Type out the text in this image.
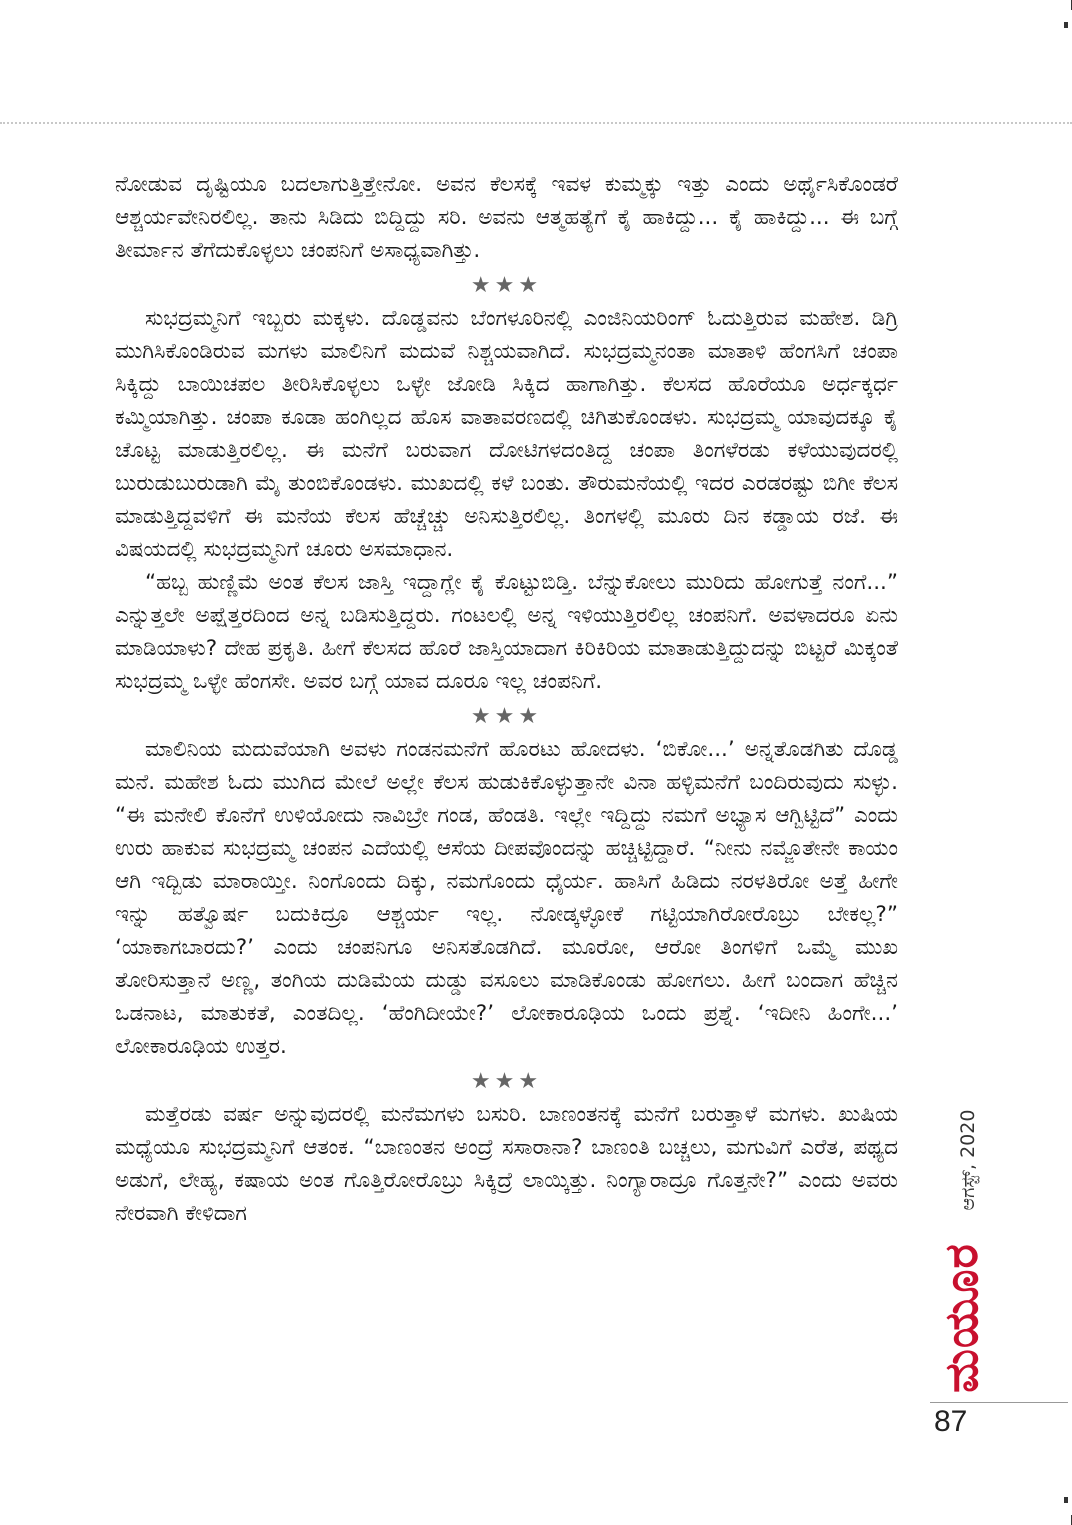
ನೋಡುವ ದೃಷ್ಟಿಯೂ ಬದಲಾಗುತ್ತಿತ್ತೇನೋ. ಅವನ ಕೆಲಸಕ್ಕೆ ಇವಳ ಕುಮ್ಮಕ್ಕು ಇತ್ತು ಎಂದು ಅರ್ಥೈಸಿಕೊಂಡರೆ ಆಶ್ಚರ್ಯವೇನಿರಲಿಲ್ಲ. ತಾನು ಸಿಡಿದು ಬಿದ್ದಿದ್ದು ಸರಿ. ಅವನು ಆತ್ಮಹತ್ಯೆಗೆ ಕೈ ಹಾಕಿದ್ದು... ಕೈ ಹಾಕಿದ್ದು... ಈ ಬಗ್ಗೆ ತೀರ್ಮಾನ ತೆಗೆದುಕೊಳ್ಳಲು ಚಂಪನಿಗೆ ಅಸಾಧ್ಯವಾಗಿತ್ತು.

★★★

ಸುಭದ್ರಮ್ಮನಿಗೆ ಇಬ್ಬರು ಮಕ್ಕಳು. ದೊಡ್ಡವನು ಬೆಂಗಳೂರಿನಲ್ಲಿ ಎಂಜಿನಿಯರಿಂಗ್ ಓದುತ್ತಿರುವ ಮಹೇಶ. ಡಿಗ್ರಿ ಮುಗಿಸಿಕೊಂಡಿರುವ ಮಗಳು ಮಾಲಿನಿಗೆ ಮದುವೆ ನಿಶ್ಚಯವಾಗಿದೆ. ಸುಭದ್ರಮ್ಮನಂತಾ ಮಾತಾಳಿ ಹೆಂಗಸಿಗೆ ಚಂಪಾ ಸಿಕ್ಕಿದ್ದು ಬಾಯಿಚಪಲ ತೀರಿಸಿಕೊಳ್ಳಲು ಒಳ್ಳೇ ಜೋಡಿ ಸಿಕ್ಕಿದ ಹಾಗಾಗಿತ್ತು. ಕೆಲಸದ ಹೊರೆಯೂ ಅರ್ಧಕ್ಕರ್ಧ ಕಮ್ಮಿಯಾಗಿತ್ತು. ಚಂಪಾ ಕೂಡಾ ಹಂಗಿಲ್ಲದ ಹೊಸ ವಾತಾವರಣದಲ್ಲಿ ಚಿಗಿತುಕೊಂಡಳು. ಸುಭದ್ರಮ್ಮ ಯಾವುದಕ್ಕೂ ಕೈ ಚೊಟ್ಟ ಮಾಡುತ್ತಿರಲಿಲ್ಲ. ಈ ಮನೆಗೆ ಬರುವಾಗ ದೋಟಿಗಳದಂತಿದ್ದ ಚಂಪಾ ತಿಂಗಳೆರಡು ಕಳೆಯುವುದರಲ್ಲಿ ಬುರುಡುಬುರುಡಾಗಿ ಮೈ ತುಂಬಿಕೊಂಡಳು. ಮುಖದಲ್ಲಿ ಕಳೆ ಬಂತು. ತೌರುಮನೆಯಲ್ಲಿ ಇದರ ಎರಡರಷ್ಟು ಬಿಗೀ ಕೆಲಸ ಮಾಡುತ್ತಿದ್ದವಳಿಗೆ ಈ ಮನೆಯ ಕೆಲಸ ಹೆಚ್ಚೆಚ್ಚು ಅನಿಸುತ್ತಿರಲಿಲ್ಲ. ತಿಂಗಳಲ್ಲಿ ಮೂರು ದಿನ ಕಡ್ಡಾಯ ರಜೆ. ಈ ವಿಷಯದಲ್ಲಿ ಸುಭದ್ರಮ್ಮನಿಗೆ ಚೂರು ಅಸಮಾಧಾನ.

“ಹಬ್ಬ ಹುಣ್ಣಿಮೆ ಅಂತ ಕೆಲಸ ಜಾಸ್ತಿ ಇದ್ದಾಗ್ಲೇ ಕೈ ಕೊಟ್ಟುಬಿಡ್ತಿ. ಬೆನ್ನುಕೋಲು ಮುರಿದು ಹೋಗುತ್ತೆ ನಂಗೆ...” ಎನ್ನುತ್ತಲೇ ಅಪ್ಷೆತ್ತರದಿಂದ ಅನ್ನ ಬಡಿಸುತ್ತಿದ್ದರು. ಗಂಟಲಲ್ಲಿ ಅನ್ನ ಇಳಿಯುತ್ತಿರಲಿಲ್ಲ ಚಂಪನಿಗೆ. ಅವಳಾದರೂ ಏನು ಮಾಡಿಯಾಳು? ದೇಹ ಪ್ರಕೃತಿ. ಹೀಗೆ ಕೆಲಸದ ಹೊರೆ ಜಾಸ್ತಿಯಾದಾಗ ಕಿರಿಕಿರಿಯ ಮಾತಾಡುತ್ತಿದ್ದುದನ್ನು ಬಿಟ್ಟರೆ ಮಿಕ್ಕಂತೆ ಸುಭದ್ರಮ್ಮ ಒಳ್ಳೇ ಹೆಂಗಸೇ. ಅವರ ಬಗ್ಗೆ ಯಾವ ದೂರೂ ಇಲ್ಲ ಚಂಪನಿಗೆ.

★★★

ಮಾಲಿನಿಯ ಮದುವೆಯಾಗಿ ಅವಳು ಗಂಡನಮನೆಗೆ ಹೊರಟು ಹೋದಳು. ‘ಬಿಕೋ...’ ಅನ್ನತೊಡಗಿತು ದೊಡ್ಡ ಮನೆ. ಮಹೇಶ ಓದು ಮುಗಿದ ಮೇಲೆ ಅಲ್ಲೇ ಕೆಲಸ ಹುಡುಕಿಕೊಳ್ಳುತ್ತಾನೇ ವಿನಾ ಹಳ್ಳಿಮನೆಗೆ ಬಂದಿರುವುದು ಸುಳ್ಳು. “ಈ ಮನೇಲಿ ಕೊನೆಗೆ ಉಳಿಯೋದು ನಾವಿಬ್ರೇ ಗಂಡ, ಹೆಂಡತಿ. ಇಲ್ಲೇ ಇದ್ದಿದ್ದು ನಮಗೆ ಅಭ್ಯಾಸ ಆಗ್ಬಿಟ್ಟಿದೆ” ಎಂದು ಉರು ಹಾಕುವ ಸುಭದ್ರಮ್ಮ ಚಂಪನ ಎದೆಯಲ್ಲಿ ಆಸೆಯ ದೀಪವೊಂದನ್ನು ಹಚ್ಚಿಟ್ಟಿದ್ದಾರೆ. “ನೀನು ನಮ್ಜೊತೇನೇ ಕಾಯಂ ಆಗಿ ಇದ್ಬಿಡು ಮಾರಾಯ್ತೀ. ನಿಂಗೊಂದು ದಿಕ್ಕು, ನಮಗೊಂದು ಧೈರ್ಯ. ಹಾಸಿಗೆ ಹಿಡಿದು ನರಳತಿರೋ ಅತ್ತೆ ಹೀಗೇ ಇನ್ನು ಹತ್ವೊರ್ಷ ಬದುಕಿದ್ರೂ ಆಶ್ಚರ್ಯ ಇಲ್ಲ. ನೋಡ್ಕಳ್ಳೋಕೆ ಗಟ್ಟಿಯಾಗಿರೋರೊಬ್ರು ಬೇಕಲ್ಲ?” ‘ಯಾಕಾಗಬಾರದು?’ ಎಂದು ಚಂಪನಿಗೂ ಅನಿಸತೊಡಗಿದೆ. ಮೂರೋ, ಆರೋ ತಿಂಗಳಿಗೆ ಒಮ್ಮೆ ಮುಖ ತೋರಿಸುತ್ತಾನೆ ಅಣ್ಣ, ತಂಗಿಯ ದುಡಿಮೆಯ ದುಡ್ಡು ವಸೂಲು ಮಾಡಿಕೊಂಡು ಹೋಗಲು. ಹೀಗೆ ಬಂದಾಗ ಹೆಚ್ಚಿನ ಒಡನಾಟ, ಮಾತುಕತೆ, ಎಂತದಿಲ್ಲ. ‘ಹೆಂಗಿದೀಯೇ?’ ಲೋಕಾರೂಢಿಯ ಒಂದು ಪ್ರಶ್ನೆ. ‘ಇದೀನಿ ಹಿಂಗೇ...’ ಲೋಕಾರೂಢಿಯ ಉತ್ತರ.

★★★

ಮತ್ತೆರಡು ವರ್ಷ ಅನ್ನುವುದರಲ್ಲಿ ಮನೆಮಗಳು ಬಸುರಿ. ಬಾಣಂತನಕ್ಕೆ ಮನೆಗೆ ಬರುತ್ತಾಳೆ ಮಗಳು. ಖುಷಿಯ ಮಧ್ಯೆಯೂ ಸುಭದ್ರಮ್ಮನಿಗೆ ಆತಂಕ. “ಬಾಣಂತನ ಅಂದ್ರೆ ಸಸಾರಾನಾ? ಬಾಣಂತಿ ಬಚ್ಚಲು, ಮಗುವಿಗೆ ಎರೆತ, ಪಥ್ಯದ ಅಡುಗೆ, ಲೇಹ್ಯ, ಕಷಾಯ ಅಂತ ಗೊತ್ತಿರೋರೊಬ್ರು ಸಿಕ್ಕಿದ್ರೆ ಲಾಯ್ಕಿತ್ತು. ನಿಂಗ್ಯಾರಾದ್ರೂ ಗೊತ್ತನೇ?” ಎಂದು ಅವರು ನೇರವಾಗಿ ಕೇಳಿದಾಗ

ಆಗಸ್ಟ್, 2020
ಮಯೂರ
87
